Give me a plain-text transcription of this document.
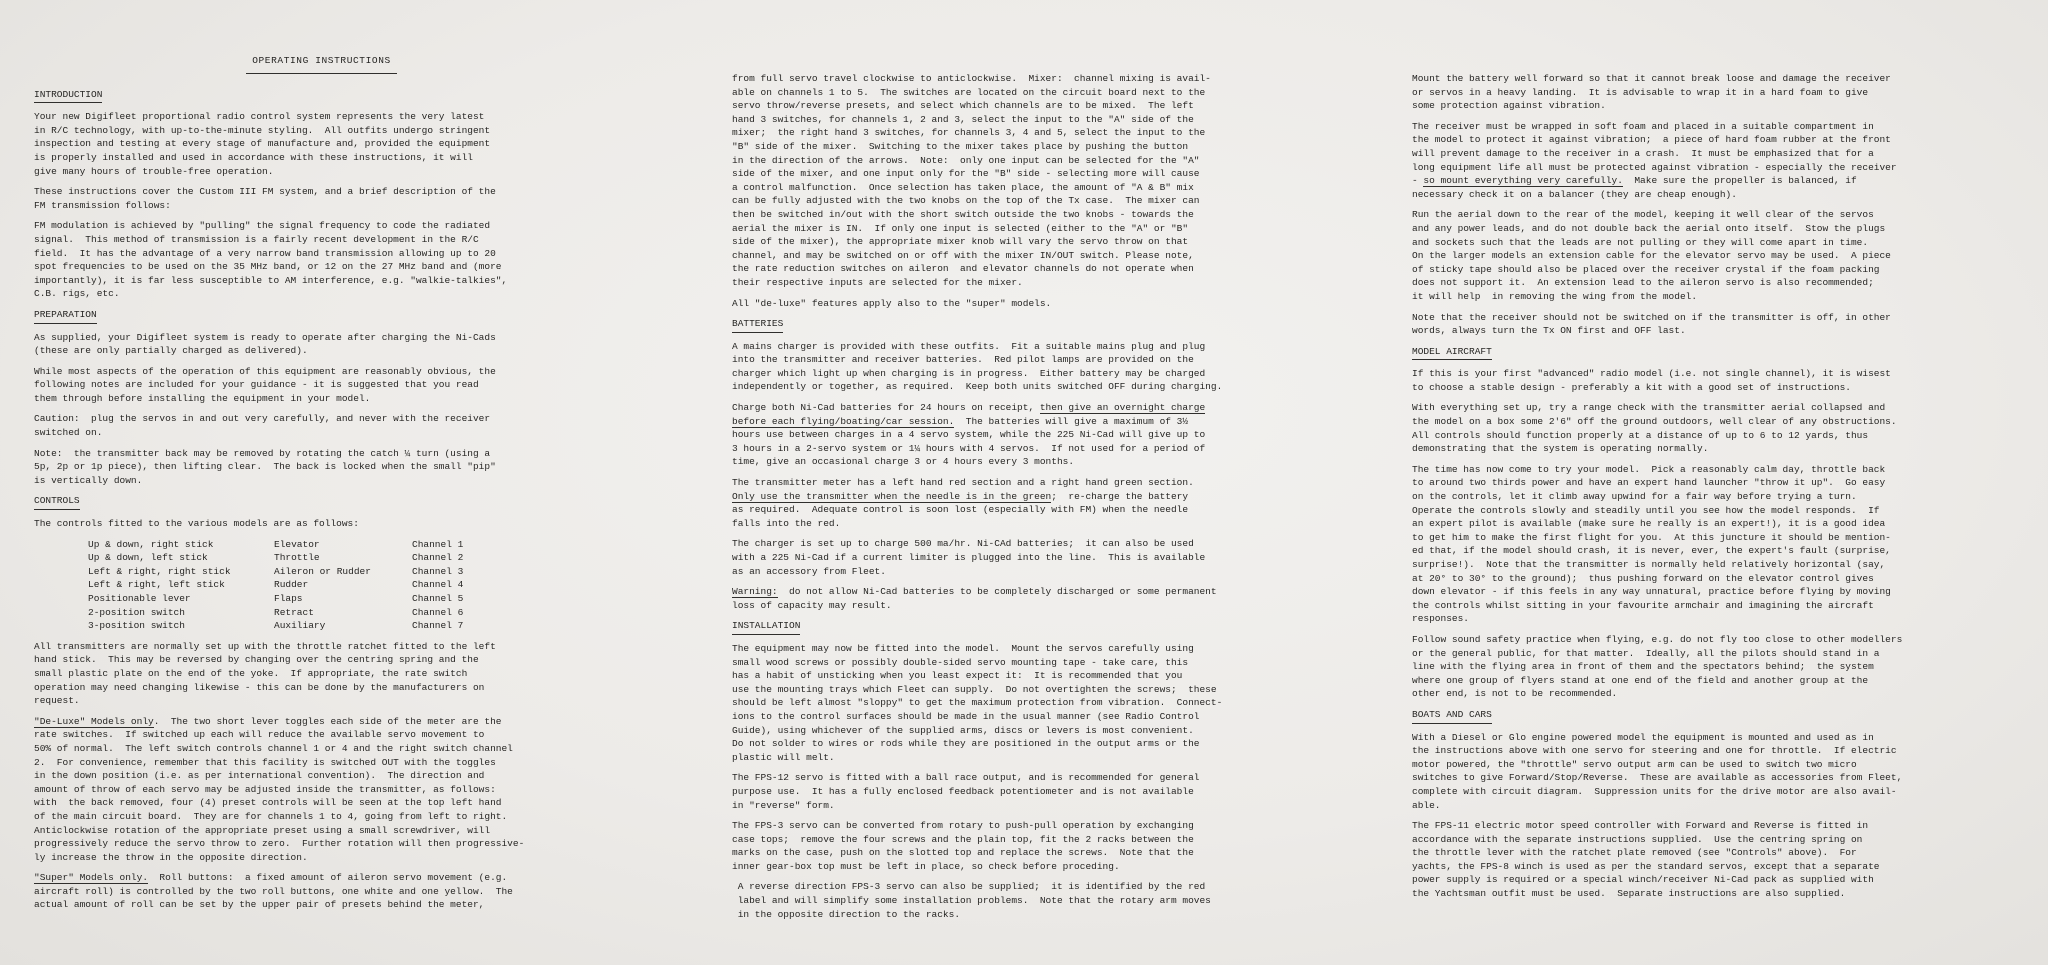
OPERATING INSTRUCTIONS
INTRODUCTION

Your new Digifleet proportional radio control system represents the very latest
in R/C technology, with up-to-the-minute styling.  All outfits undergo stringent
inspection and testing at every stage of manufacture and, provided the equipment
is properly installed and used in accordance with these instructions, it will
give many hours of trouble-free operation.

These instructions cover the Custom III FM system, and a brief description of the
FM transmission follows:

FM modulation is achieved by "pulling" the signal frequency to code the radiated
signal.  This method of transmission is a fairly recent development in the R/C
field.  It has the advantage of a very narrow band transmission allowing up to 20
spot frequencies to be used on the 35 MHz band, or 12 on the 27 MHz band and (more
importantly), it is far less susceptible to AM interference, e.g. "walkie-talkies",
C.B. rigs, etc.

PREPARATION

As supplied, your Digifleet system is ready to operate after charging the Ni-Cads
(these are only partially charged as delivered).

While most aspects of the operation of this equipment are reasonably obvious, the
following notes are included for your guidance - it is suggested that you read
them through before installing the equipment in your model.

Caution:  plug the servos in and out very carefully, and never with the receiver
switched on.

Note:  the transmitter back may be removed by rotating the catch ¼ turn (using a
5p, 2p or 1p piece), then lifting clear.  The back is locked when the small "pip"
is vertically down.

CONTROLS

The controls fitted to the various models are as follows:

Up & down, right stick	Elevator	Channel 1
Up & down, left stick	Throttle	Channel 2
Left & right, right stick	Aileron or Rudder	Channel 3
Left & right, left stick	Rudder	Channel 4
Positionable lever	Flaps	Channel 5
2-position switch	Retract	Channel 6
3-position switch	Auxiliary	Channel 7

All transmitters are normally set up with the throttle ratchet fitted to the left
hand stick.  This may be reversed by changing over the centring spring and the
small plastic plate on the end of the yoke.  If appropriate, the rate switch
operation may need changing likewise - this can be done by the manufacturers on
request.

"De-Luxe" Models only.  The two short lever toggles each side of the meter are the
rate switches.  If switched up each will reduce the available servo movement to
50% of normal.  The left switch controls channel 1 or 4 and the right switch channel
2.  For convenience, remember that this facility is switched OUT with the toggles
in the down position (i.e. as per international convention).  The direction and
amount of throw of each servo may be adjusted inside the transmitter, as follows:
with  the back removed, four (4) preset controls will be seen at the top left hand
of the main circuit board.  They are for channels 1 to 4, going from left to right.
Anticlockwise rotation of the appropriate preset using a small screwdriver, will
progressively reduce the servo throw to zero.  Further rotation will then progressive-
ly increase the throw in the opposite direction.

"Super" Models only.  Roll buttons:  a fixed amount of aileron servo movement (e.g.
aircraft roll) is controlled by the two roll buttons, one white and one yellow.  The
actual amount of roll can be set by the upper pair of presets behind the meter,

from full servo travel clockwise to anticlockwise.  Mixer:  channel mixing is avail-
able on channels 1 to 5.  The switches are located on the circuit board next to the
servo throw/reverse presets, and select which channels are to be mixed.  The left
hand 3 switches, for channels 1, 2 and 3, select the input to the "A" side of the
mixer;  the right hand 3 switches, for channels 3, 4 and 5, select the input to the
"B" side of the mixer.  Switching to the mixer takes place by pushing the button
in the direction of the arrows.  Note:  only one input can be selected for the "A"
side of the mixer, and one input only for the "B" side - selecting more will cause
a control malfunction.  Once selection has taken place, the amount of "A & B" mix
can be fully adjusted with the two knobs on the top of the Tx case.  The mixer can
then be switched in/out with the short switch outside the two knobs - towards the
aerial the mixer is IN.  If only one input is selected (either to the "A" or "B"
side of the mixer), the appropriate mixer knob will vary the servo throw on that
channel, and may be switched on or off with the mixer IN/OUT switch. Please note,
the rate reduction switches on aileron  and elevator channels do not operate when
their respective inputs are selected for the mixer.

All "de-luxe" features apply also to the "super" models.

BATTERIES

A mains charger is provided with these outfits.  Fit a suitable mains plug and plug
into the transmitter and receiver batteries.  Red pilot lamps are provided on the
charger which light up when charging is in progress.  Either battery may be charged
independently or together, as required.  Keep both units switched OFF during charging.

Charge both Ni-Cad batteries for 24 hours on receipt, then give an overnight charge
before each flying/boating/car session.  The batteries will give a maximum of 3½
hours use between charges in a 4 servo system, while the 225 Ni-Cad will give up to
3 hours in a 2-servo system or 1¼ hours with 4 servos.  If not used for a period of
time, give an occasional charge 3 or 4 hours every 3 months.

The transmitter meter has a left hand red section and a right hand green section.
Only use the transmitter when the needle is in the green;  re-charge the battery
as required.  Adequate control is soon lost (especially with FM) when the needle
falls into the red.

The charger is set up to charge 500 ma/hr. Ni-CAd batteries;  it can also be used
with a 225 Ni-Cad if a current limiter is plugged into the line.  This is available
as an accessory from Fleet.

Warning:  do not allow Ni-Cad batteries to be completely discharged or some permanent
loss of capacity may result.

INSTALLATION

The equipment may now be fitted into the model.  Mount the servos carefully using
small wood screws or possibly double-sided servo mounting tape - take care, this
has a habit of unsticking when you least expect it:  It is recommended that you
use the mounting trays which Fleet can supply.  Do not overtighten the screws;  these
should be left almost "sloppy" to get the maximum protection from vibration.  Connect-
ions to the control surfaces should be made in the usual manner (see Radio Control
Guide), using whichever of the supplied arms, discs or levers is most convenient.
Do not solder to wires or rods while they are positioned in the output arms or the
plastic will melt.

The FPS-12 servo is fitted with a ball race output, and is recommended for general
purpose use.  It has a fully enclosed feedback potentiometer and is not available
in "reverse" form.

The FPS-3 servo can be converted from rotary to push-pull operation by exchanging
case tops;  remove the four screws and the plain top, fit the 2 racks between the
marks on the case, push on the slotted top and replace the screws.  Note that the
inner gear-box top must be left in place, so check before proceding.

A reverse direction FPS-3 servo can also be supplied;  it is identified by the red
label and will simplify some installation problems.  Note that the rotary arm moves
in the opposite direction to the racks.

Mount the battery well forward so that it cannot break loose and damage the receiver
or servos in a heavy landing.  It is advisable to wrap it in a hard foam to give
some protection against vibration.

The receiver must be wrapped in soft foam and placed in a suitable compartment in
the model to protect it against vibration;  a piece of hard foam rubber at the front
will prevent damage to the receiver in a crash.  It must be emphasized that for a
long equipment life all must be protected against vibration - especially the receiver
- so mount everything very carefully.  Make sure the propeller is balanced, if
necessary check it on a balancer (they are cheap enough).

Run the aerial down to the rear of the model, keeping it well clear of the servos
and any power leads, and do not double back the aerial onto itself.  Stow the plugs
and sockets such that the leads are not pulling or they will come apart in time.
On the larger models an extension cable for the elevator servo may be used.  A piece
of sticky tape should also be placed over the receiver crystal if the foam packing
does not support it.  An extension lead to the aileron servo is also recommended;
it will help  in removing the wing from the model.

Note that the receiver should not be switched on if the transmitter is off, in other
words, always turn the Tx ON first and OFF last.

MODEL AIRCRAFT

If this is your first "advanced" radio model (i.e. not single channel), it is wisest
to choose a stable design - preferably a kit with a good set of instructions.

With everything set up, try a range check with the transmitter aerial collapsed and
the model on a box some 2'6" off the ground outdoors, well clear of any obstructions.
All controls should function properly at a distance of up to 6 to 12 yards, thus
demonstrating that the system is operating normally.

The time has now come to try your model.  Pick a reasonably calm day, throttle back
to around two thirds power and have an expert hand launcher "throw it up".  Go easy
on the controls, let it climb away upwind for a fair way before trying a turn.
Operate the controls slowly and steadily until you see how the model responds.  If
an expert pilot is available (make sure he really is an expert!), it is a good idea
to get him to make the first flight for you.  At this juncture it should be mention-
ed that, if the model should crash, it is never, ever, the expert's fault (surprise,
surprise!).  Note that the transmitter is normally held relatively horizontal (say,
at 20° to 30° to the ground);  thus pushing forward on the elevator control gives
down elevator - if this feels in any way unnatural, practice before flying by moving
the controls whilst sitting in your favourite armchair and imagining the aircraft
responses.

Follow sound safety practice when flying, e.g. do not fly too close to other modellers
or the general public, for that matter.  Ideally, all the pilots should stand in a
line with the flying area in front of them and the spectators behind;  the system
where one group of flyers stand at one end of the field and another group at the
other end, is not to be recommended.

BOATS AND CARS

With a Diesel or Glo engine powered model the equipment is mounted and used as in
the instructions above with one servo for steering and one for throttle.  If electric
motor powered, the "throttle" servo output arm can be used to switch two micro
switches to give Forward/Stop/Reverse.  These are available as accessories from Fleet,
complete with circuit diagram.  Suppression units for the drive motor are also avail-
able.

The FPS-11 electric motor speed controller with Forward and Reverse is fitted in
accordance with the separate instructions supplied.  Use the centring spring on
the throttle lever with the ratchet plate removed (see "Controls" above).  For
yachts, the FPS-8 winch is used as per the standard servos, except that a separate
power supply is required or a special winch/receiver Ni-Cad pack as supplied with
the Yachtsman outfit must be used.  Separate instructions are also supplied.
